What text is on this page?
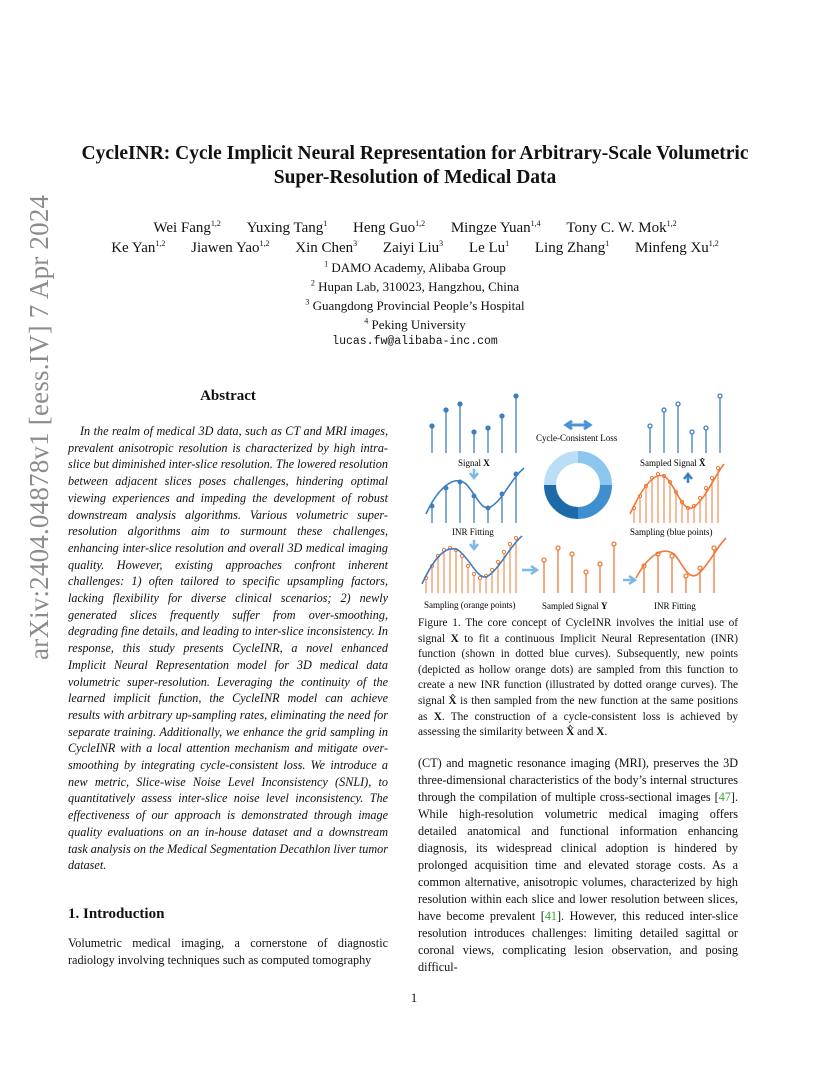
arXiv:2404.04878v1 [eess.IV] 7 Apr 2024
CycleINR: Cycle Implicit Neural Representation for Arbitrary-Scale Volumetric Super-Resolution of Medical Data
Wei Fang$^{1,2}$ Yuxing Tang$^1$ Heng Guo$^{1,2}$ Mingze Yuan$^{1,4}$ Tony C. W. Mok$^{1,2}$
Ke Yan$^{1,2}$ Jiawen Yao$^{1,2}$ Xin Chen$^3$ Zaiyi Liu$^3$ Le Lu$^1$ Ling Zhang$^1$ Minfeng Xu$^{1,2}$
$^1$ DAMO Academy, Alibaba Group
$^2$ Hupan Lab, 310023, Hangzhou, China
$^3$ Guangdong Provincial People’s Hospital
$^4$ Peking University
lucas.fw@alibaba-inc.com
Abstract
In the realm of medical 3D data, such as CT and MRI images, prevalent anisotropic resolution is characterized by high intra-slice but diminished inter-slice resolution. The lowered resolution between adjacent slices poses challenges, hindering optimal viewing experiences and impeding the development of robust downstream analysis algorithms. Various volumetric super-resolution algorithms aim to surmount these challenges, enhancing inter-slice resolution and overall 3D medical imaging quality. However, existing approaches confront inherent challenges: 1) often tailored to specific upsampling factors, lacking flexibility for diverse clinical scenarios; 2) newly generated slices frequently suffer from over-smoothing, degrading fine details, and leading to inter-slice inconsistency. In response, this study presents CycleINR, a novel enhanced Implicit Neural Representation model for 3D medical data volumetric super-resolution. Leveraging the continuity of the learned implicit function, the CycleINR model can achieve results with arbitrary up-sampling rates, eliminating the need for separate training. Additionally, we enhance the grid sampling in CycleINR with a local attention mechanism and mitigate over-smoothing by integrating cycle-consistent loss. We introduce a new metric, Slice-wise Noise Level Inconsistency (SNLI), to quantitatively assess inter-slice noise level inconsistency. The effectiveness of our approach is demonstrated through image quality evaluations on an in-house dataset and a downstream task analysis on the Medical Segmentation Decathlon liver tumor dataset.
1. Introduction
Volumetric medical imaging, a cornerstone of diagnostic radiology involving techniques such as computed tomography
Signal X
Cycle-Consistent Loss
Sampled Signal X̂
INR Fitting	Sampling (blue points)
Sampling (orange points)	Sampled Signal Y	INR Fitting
Figure 1. The core concept of CycleINR involves the initial use of signal X to fit a continuous Implicit Neural Representation (INR) function (shown in dotted blue curves). Subsequently, new points (depicted as hollow orange dots) are sampled from this function to create a new INR function (illustrated by dotted orange curves). The signal X̂ is then sampled from the new function at the same positions as X. The construction of a cycle-consistent loss is achieved by assessing the similarity between X̂ and X.
(CT) and magnetic resonance imaging (MRI), preserves the 3D three-dimensional characteristics of the body’s internal structures through the compilation of multiple cross-sectional images [47]. While high-resolution volumetric medical imaging offers detailed anatomical and functional information enhancing diagnosis, its widespread clinical adoption is hindered by prolonged acquisition time and elevated storage costs. As a common alternative, anisotropic volumes, characterized by high resolution within each slice and lower resolution between slices, have become prevalent [41]. However, this reduced inter-slice resolution introduces challenges: limiting detailed sagittal or coronal views, complicating lesion observation, and posing difficul-
1
